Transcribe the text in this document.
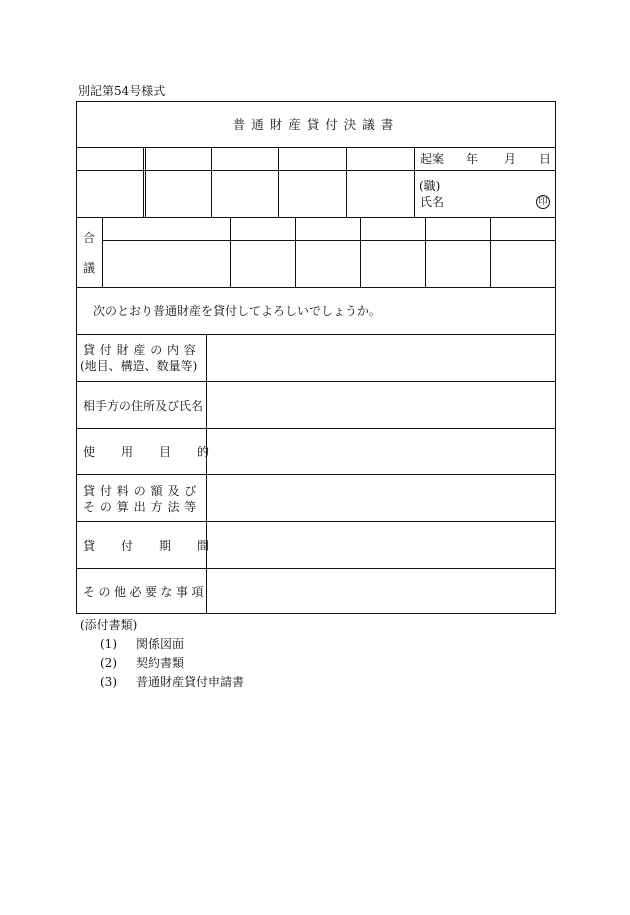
別記第54号様式
普通財産貸付決議書
起案 年 月 日
(職)
氏名	印
合
議
次のとおり普通財産を貸付してよろしいでしょうか。
貸付財産の内容
(地目、構造、数量等)
相手方の住所及び氏名
使用目的
貸付料の額及び
その算出方法等
貸付期間
その他必要な事項
(添付書類)
(1) 関係図面
(2) 契約書類
(3) 普通財産貸付申請書
